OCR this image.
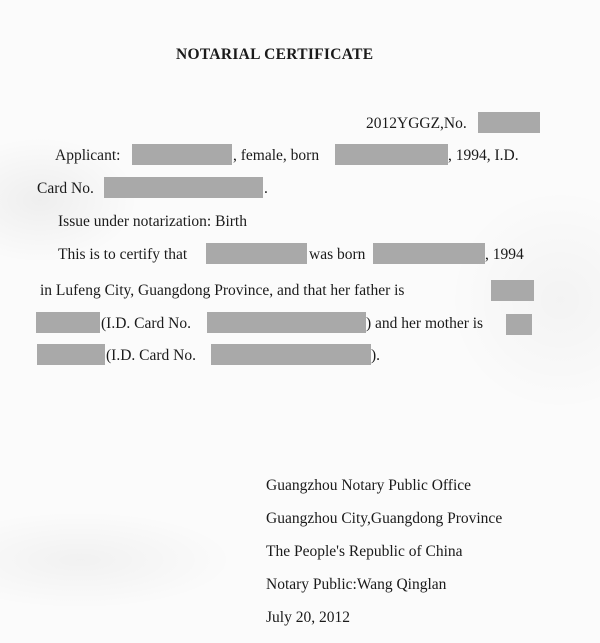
NOTARIAL CERTIFICATE
2012YGGZ,No.
Applicant:	, female, born	, 1994, I.D.
Card No.	.
Issue under notarization: Birth
This is to certify that	was born	, 1994
in Lufeng City, Guangdong Province, and that her father is
(I.D. Card No.	) and her mother is
(I.D. Card No.	).
Guangzhou Notary Public Office
Guangzhou City,Guangdong Province
The People's Republic of China
Notary Public:Wang Qinglan
July 20, 2012
